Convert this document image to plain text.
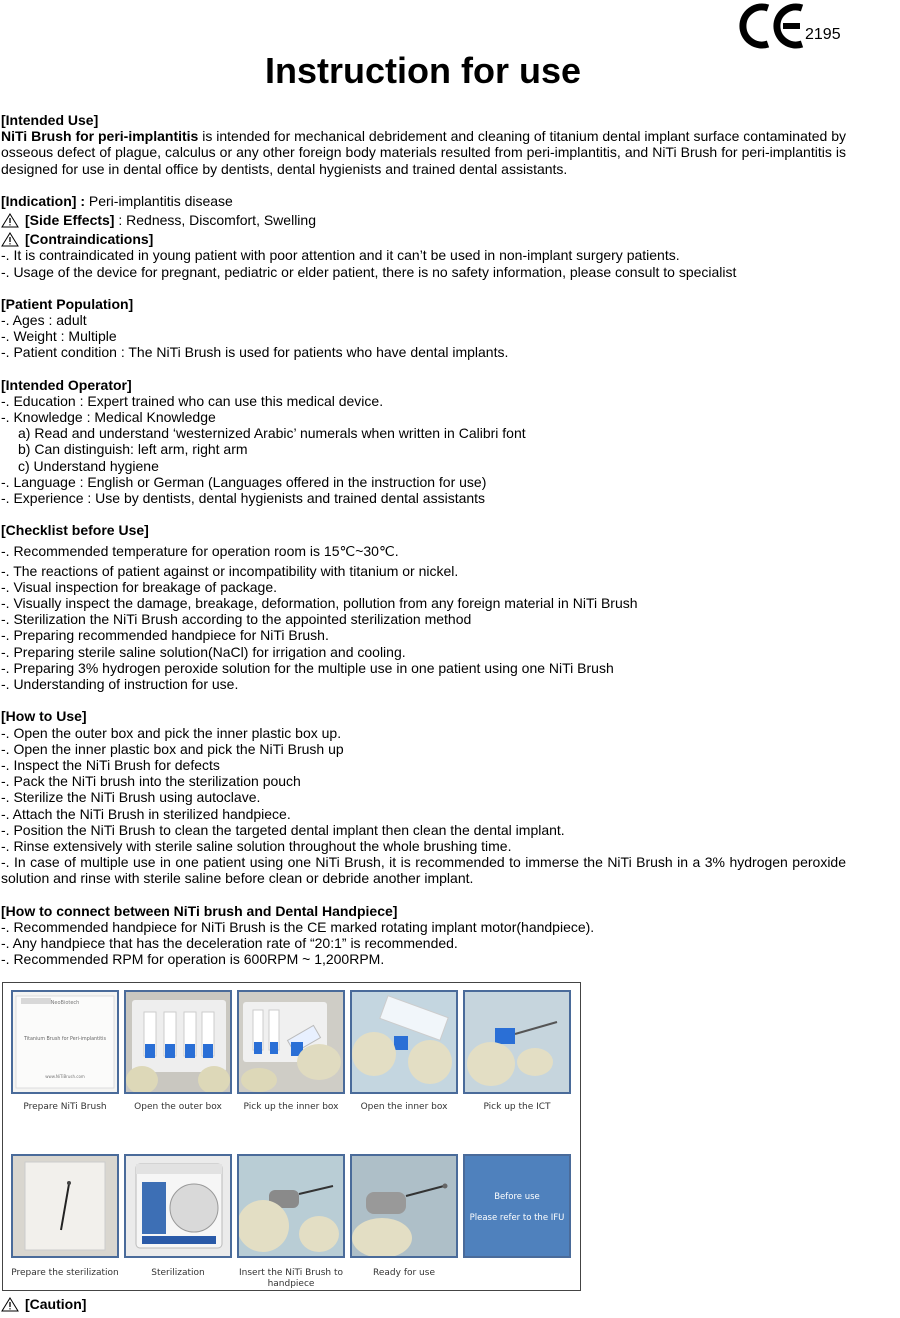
2195
Instruction for use

[Intended Use]

NiTi Brush for peri-implantitis is intended for mechanical debridement and cleaning of titanium dental implant surface contaminated by osseous defect of plague, calculus or any other foreign body materials resulted from peri-implantitis, and NiTi Brush for peri-implantitis is designed for use in dental office by dentists, dental hygienists and trained dental assistants.

[Indication] : Peri-implantitis disease

[Side Effects] : Redness, Discomfort, Swelling
[Contraindications]

-. It is contraindicated in young patient with poor attention and it can’t be used in non-implant surgery patients.

-. Usage of the device for pregnant, pediatric or elder patient, there is no safety information, please consult to specialist

[Patient Population]

-. Ages : adult

-. Weight : Multiple

-. Patient condition : The NiTi Brush is used for patients who have dental implants.

[Intended Operator]

-. Education : Expert trained who can use this medical device.

-. Knowledge : Medical Knowledge

a) Read and understand ‘westernized Arabic’ numerals when written in Calibri font

b) Can distinguish: left arm, right arm

c) Understand hygiene

-. Language : English or German (Languages offered in the instruction for use)

-. Experience : Use by dentists, dental hygienists and trained dental assistants

[Checklist before Use]

-. Recommended temperature for operation room is 15℃~30℃.

-. The reactions of patient against or incompatibility with titanium or nickel.

-. Visual inspection for breakage of package.

-. Visually inspect the damage, breakage, deformation, pollution from any foreign material in NiTi Brush

-. Sterilization the NiTi Brush according to the appointed sterilization method

-. Preparing recommended handpiece for NiTi Brush.

-. Preparing sterile saline solution(NaCl) for irrigation and cooling.

-. Preparing 3% hydrogen peroxide solution for the multiple use in one patient using one NiTi Brush

-. Understanding of instruction for use.

[How to Use]

-. Open the outer box and pick the inner plastic box up.

-. Open the inner plastic box and pick the NiTi Brush up

-. Inspect the NiTi Brush for defects

-. Pack the NiTi brush into the sterilization pouch

-. Sterilize the NiTi Brush using autoclave.

-. Attach the NiTi Brush in sterilized handpiece.

-. Position the NiTi Brush to clean the targeted dental implant then clean the dental implant.

-. Rinse extensively with sterile saline solution throughout the whole brushing time.

-. In case of multiple use in one patient using one NiTi Brush, it is recommended to immerse the NiTi Brush in a 3% hydrogen peroxide solution and rinse with sterile saline before clean or debride another implant.

[How to connect between NiTi brush and Dental Handpiece]

-. Recommended handpiece for NiTi Brush is the CE marked rotating implant motor(handpiece).

-. Any handpiece that has the deceleration rate of “20:1” is recommended.

-. Recommended RPM for operation is 600RPM ~ 1,200RPM.

NeoBiotech
Titanium Brush for Peri-implantitis
www.NiTiBrush.com
Prepare NiTi Brush	Open the outer box	Pick up the inner box	Open the inner box	Pick up the ICT
Prepare the sterilization	Sterilization	Insert the NiTi Brush to handpiece
Ready for use
Before use
Please refer to the IFU
[Caution]
